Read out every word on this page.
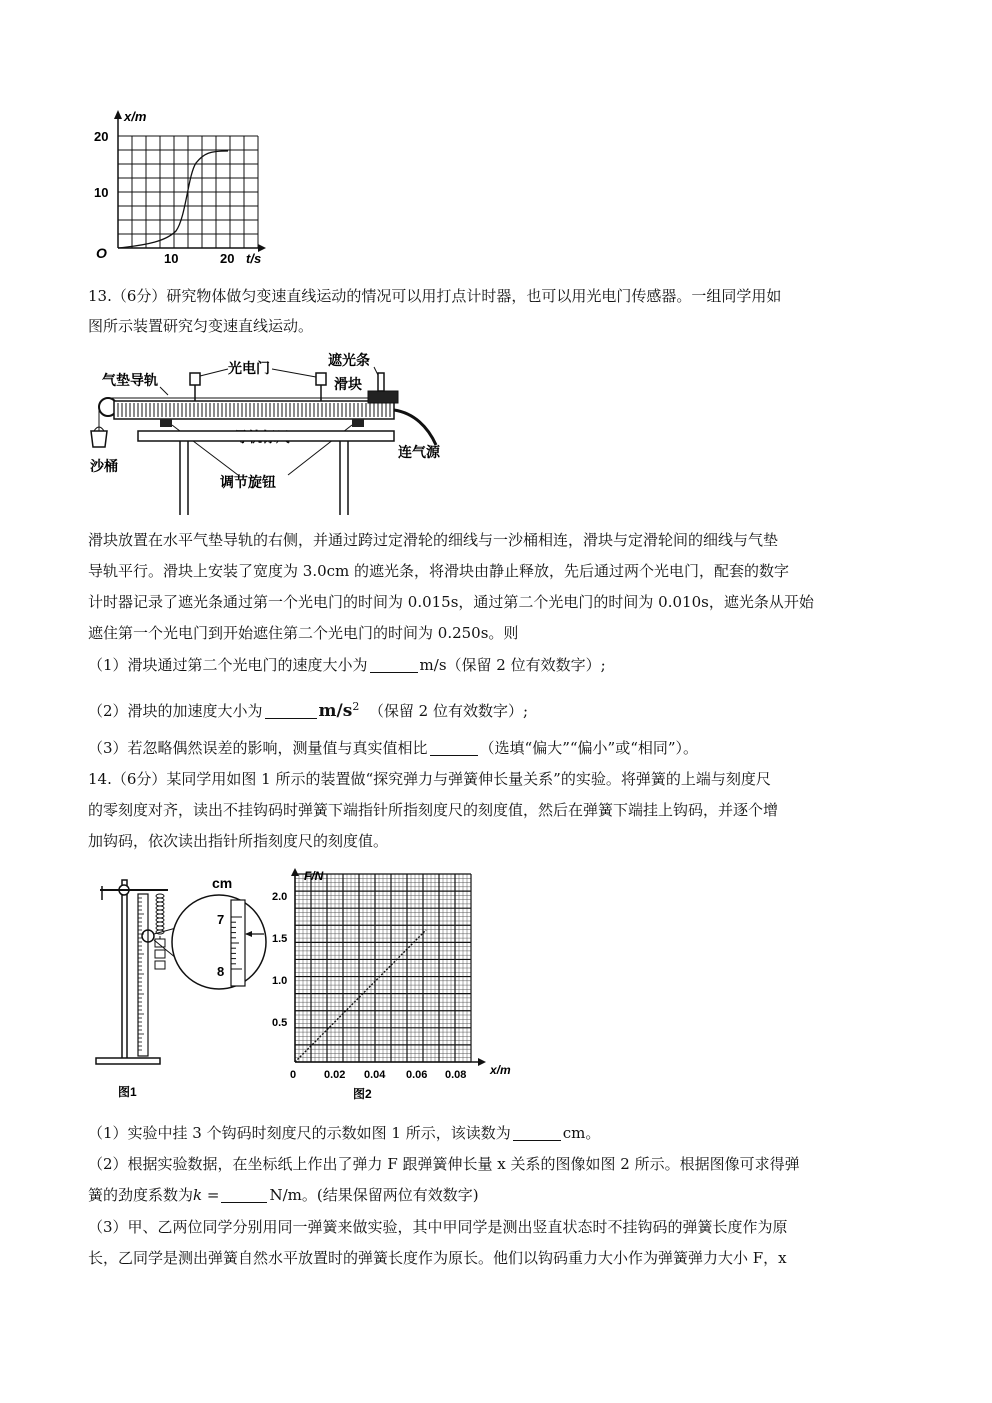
x/m
20
10
O	10	20 t/s
13.（6分）研究物体做匀变速直线运动的情况可以用打点计时器，也可以用光电门传感器。一组同学用如
图所示装置研究匀变速直线运动。
气垫导轨
光电门	遮光条
滑块
连气源
沙桶
调节旋钮
滑块放置在水平气垫导轨的右侧，并通过跨过定滑轮的细线与一沙桶相连，滑块与定滑轮间的细线与气垫
导轨平行。滑块上安装了宽度为 3.0cm 的遮光条，将滑块由静止释放，先后通过两个光电门，配套的数字
计时器记录了遮光条通过第一个光电门的时间为 0.015s，通过第二个光电门的时间为 0.010s，遮光条从开始
遮住第一个光电门到开始遮住第二个光电门的时间为 0.250s。则
（1）滑块通过第二个光电门的速度大小为	m/s（保留 2 位有效数字）;
（2）滑块的加速度大小为	$m/s^2$ （保留 2 位有效数字）;
（3）若忽略偶然误差的影响，测量值与真实值相比	（选填“偏大”“偏小”或“相同”）。
14.（6分）某同学用如图 1 所示的装置做“探究弹力与弹簧伸长量关系”的实验。将弹簧的上端与刻度尺
的零刻度对齐，读出不挂钩码时弹簧下端指针所指刻度尺的刻度值，然后在弹簧下端挂上钩码，并逐个增
加钩码，依次读出指针所指刻度尺的刻度值。
cm
7
8
图1
F/N
2.0
1.5
1.0
0.5
0	0.02 0.04 0.06 0.08 x/m
图2
（1）实验中挂 3 个钩码时刻度尺的示数如图 1 所示，该读数为	cm。
（2）根据实验数据，在坐标纸上作出了弹力 F 跟弹簧伸长量 x 关系的图像如图 2 所示。根据图像可求得弹
簧的劲度系数为k =	N/m。(结果保留两位有效数字)
（3）甲、乙两位同学分别用同一弹簧来做实验，其中甲同学是测出竖直状态时不挂钩码的弹簧长度作为原
长，乙同学是测出弹簧自然水平放置时的弹簧长度作为原长。他们以钩码重力大小作为弹簧弹力大小 F，x
